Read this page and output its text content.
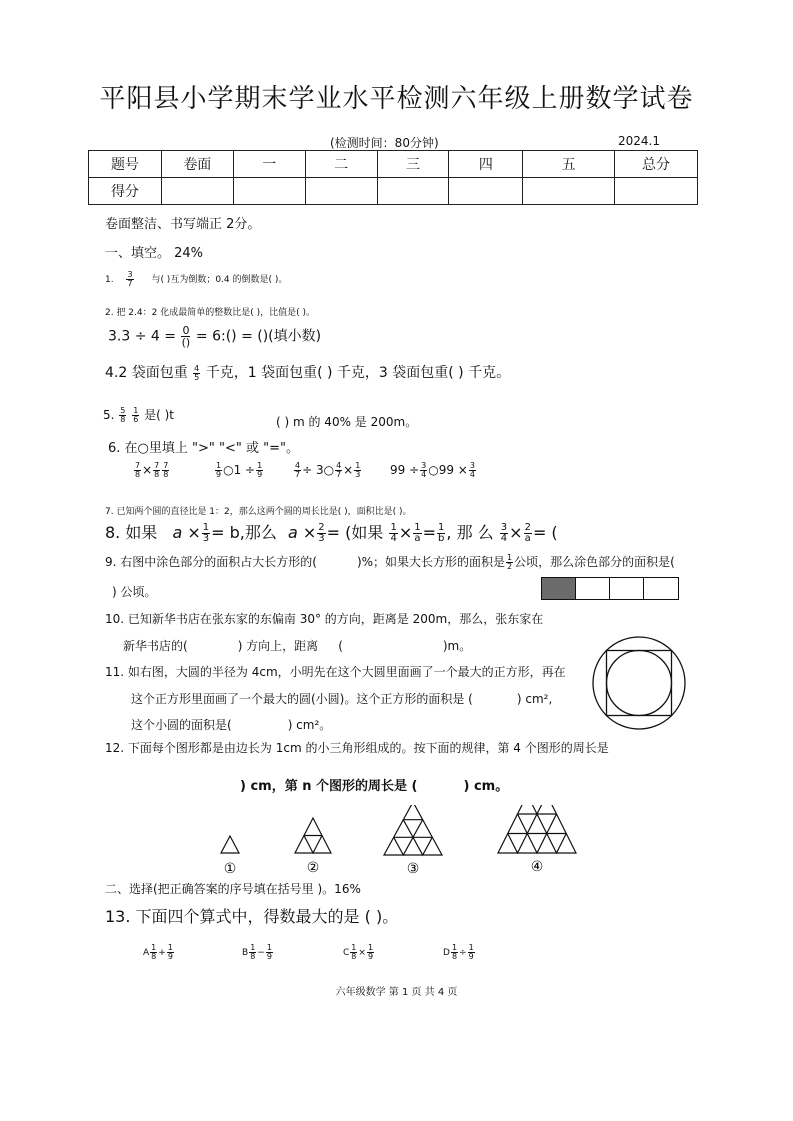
平阳县小学期末学业水平检测六年级上册数学试卷
(检测时间：80分钟)	2024.1
题号	卷面	一	二	三	四	五	总分
得分							
卷面整洁、书写端正 2分。
一、填空。 24%
1. $\frac{3}{7}$ 与( )互为倒数；0.4 的倒数是( )。
2. 把 2.4：2 化成最简单的整数比是( )，比值是( )。
$3.3 \div 4 = \frac{0}{()}$ = 6:() = ()(填小数)
4.2 袋面包重 $\frac{4}{5}$ 千克，1 袋面包重( ) 千克，3 袋面包重( ) 千克。
5. $\frac{5}{8}$
$\frac{1}{6}$ 是( )t	( ) m 的 40% 是 200m。
6. 在○里填上 ">" "<" 或 "="。
$\frac{7}{8} \times \frac{7}{8} \frac{7}{8}$	$\frac{1}{9}$ ○1 ÷ $\frac{1}{9}$	$\frac{4}{7}$ ÷ 3○ $\frac{4}{7} \times \frac{1}{3} 99 \div \frac{3}{4}$ ○99 × $\frac{3}{4}$
7. 已知两个圆的直径比是 1：2，那么这两个圆的周长比是( )，面积比是( )。
8. 如果 $a \times \frac{1}{3} = b$,那么 $a \times \frac{2}{3}$ = (如果 $\frac{1}{4} \times \frac{1}{a} = \frac{1}{b}$ , 那 么 $\frac{3}{4} \times \frac{2}{a}$ = (
9. 右图中涂色部分的面积占大长方形的(	)%；如果大长方形的面积是 $\frac{1}{2}$ 公顷，那么涂色部分的面积是(
) 公顷。
10. 已知新华书店在张东家的东偏南 30° 的方向，距离是 200m，那么，张东家在
新华书店的(	) 方向上，距离 (	)m。
11. 如右图，大圆的半径为 4cm，小明先在这个大圆里面画了一个最大的正方形，再在
这个正方形里面画了一个最大的圆(小圆)。这个正方形的面积是 (	) cm²,
这个小圆的面积是(	) cm²。
12. 下面每个图形都是由边长为 1cm 的小三角形组成的。按下面的规律，第 4 个图形的周长是
) cm，第 n 个图形的周长是 (	) cm。
①	②	③	④
二、选择(把正确答案的序号填在括号里 )。16%
13. 下面四个算式中，得数最大的是 ( )。
A $\frac{1}{8} + \frac{1}{9}$	B $\frac{1}{8} - \frac{1}{9}$	C $\frac{1}{8} \times \frac{1}{9}$	D $\frac{1}{8} \div \frac{1}{9}$
六年级数学 第 1 页 共 4 页
